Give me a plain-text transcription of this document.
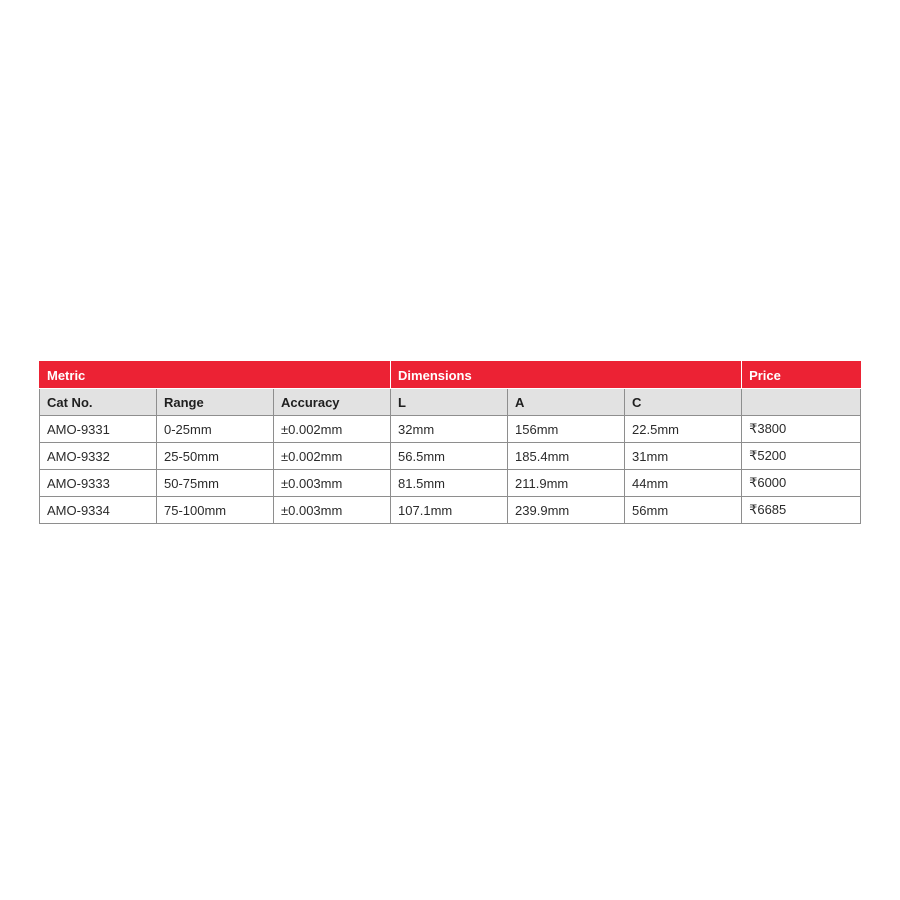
Metric			Dimensions			Price
Cat No.	Range	Accuracy	L	A	C	
AMO-9331	0-25mm	±0.002mm	32mm	156mm	22.5mm	₹3800
AMO-9332	25-50mm	±0.002mm	56.5mm	185.4mm	31mm	₹5200
AMO-9333	50-75mm	±0.003mm	81.5mm	211.9mm	44mm	₹6000
AMO-9334	75-100mm	±0.003mm	107.1mm	239.9mm	56mm	₹6685
